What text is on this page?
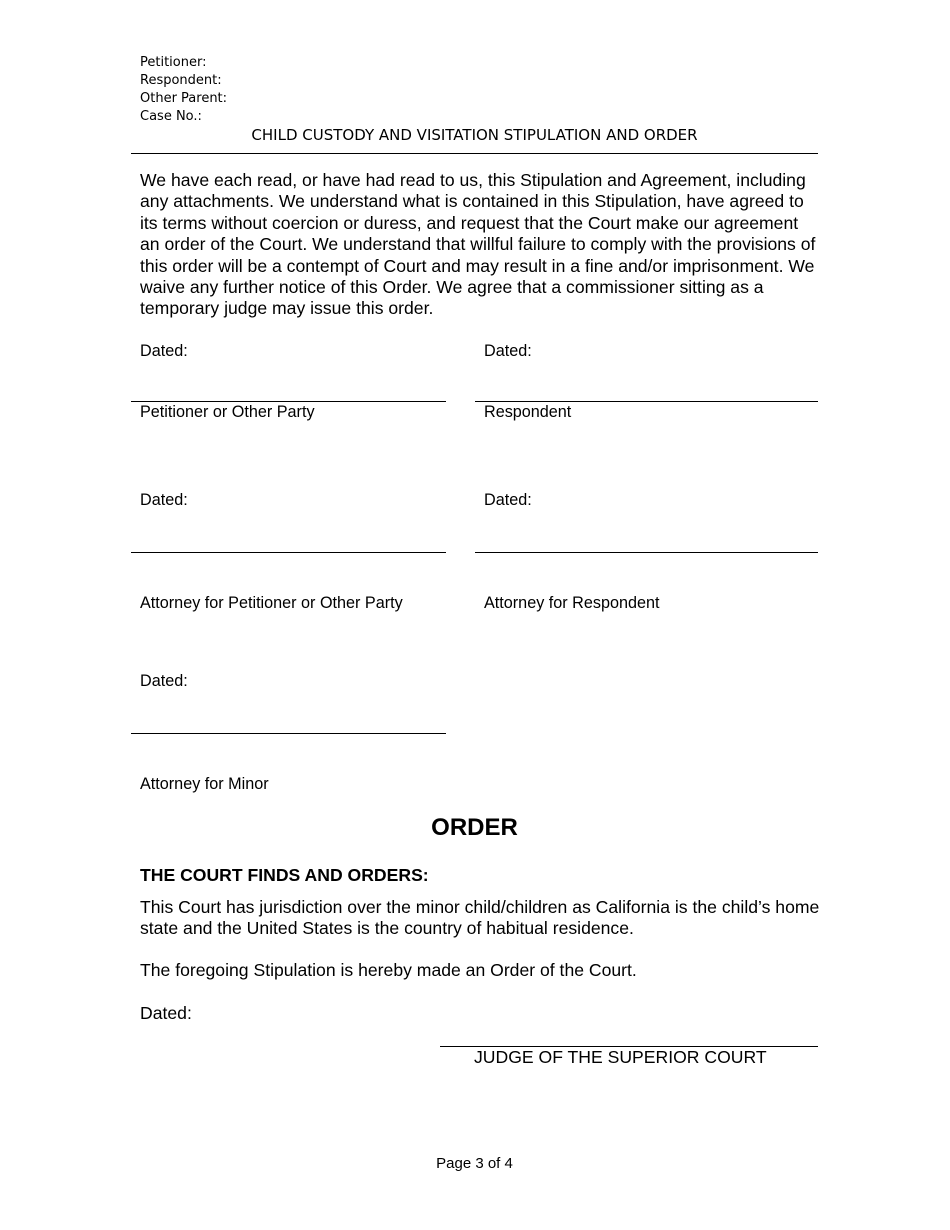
Petitioner:
Respondent:
Other Parent:
Case No.:
CHILD CUSTODY AND VISITATION STIPULATION AND ORDER
We have each read, or have had read to us, this Stipulation and Agreement, including any attachments. We understand what is contained in this Stipulation, have agreed to its terms without coercion or duress, and request that the Court make our agreement an order of the Court. We understand that willful failure to comply with the provisions of this order will be a contempt of Court and may result in a fine and/or imprisonment. We waive any further notice of this Order. We agree that a commissioner sitting as a temporary judge may issue this order.
Dated:	Dated:
Petitioner or Other Party	Respondent
Dated:	Dated:
Attorney for Petitioner or Other Party	Attorney for Respondent
Dated:
Attorney for Minor
ORDER
THE COURT FINDS AND ORDERS:
This Court has jurisdiction over the minor child/children as California is the child’s home state and the United States is the country of habitual residence.
The foregoing Stipulation is hereby made an Order of the Court.
Dated:
JUDGE OF THE SUPERIOR COURT
Page 3 of 4
